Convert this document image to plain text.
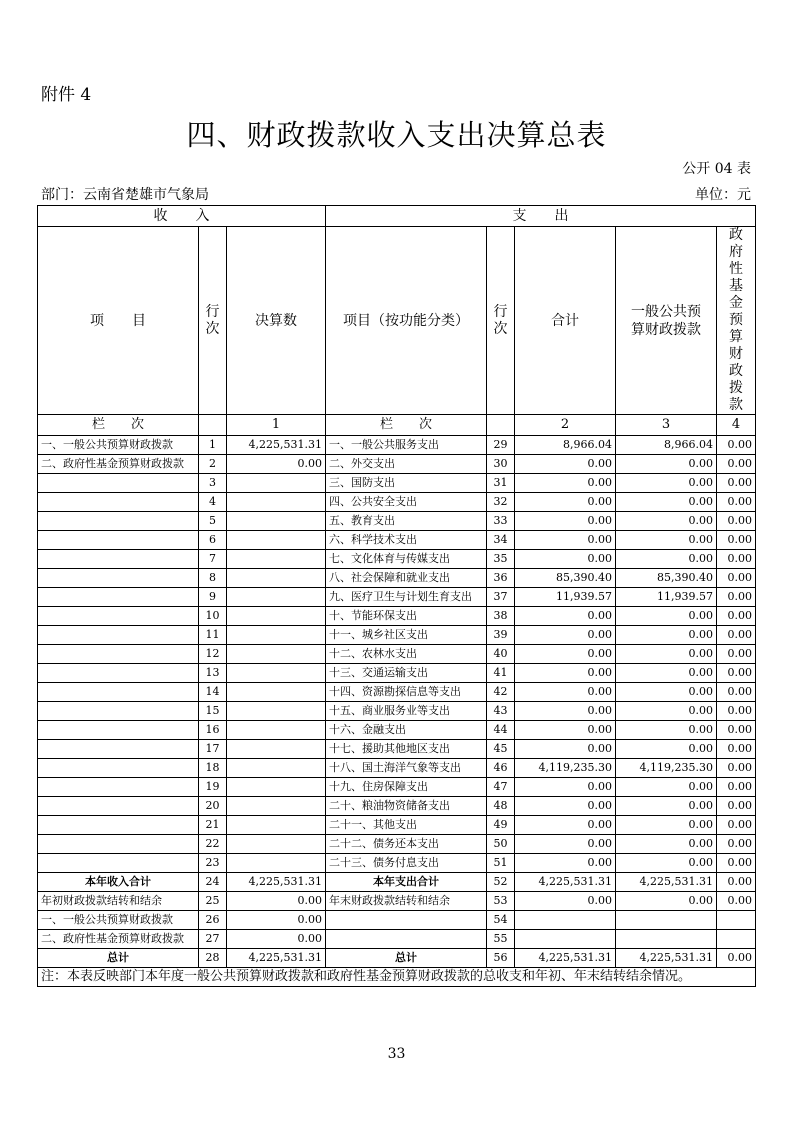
附件 4
四、财政拨款收入支出决算总表
公开 04 表
部门：云南省楚雄市气象局	单位：元
收　　入			支　　出				
项　　目	行次	决算数	项目（按功能分类）	行次	合计	一般公共预算财政拨款	政府性基金预算财政拨款

栏　　次		1	栏　　次		2	3	4
一、一般公共预算财政拨款	1	4,225,531.31	一、一般公共服务支出	29	8,966.04	8,966.04	0.00
二、政府性基金预算财政拨款	2	0.00	二、外交支出	30	0.00	0.00	0.00
	3		三、国防支出	31	0.00	0.00	0.00
	4		四、公共安全支出	32	0.00	0.00	0.00
	5		五、教育支出	33	0.00	0.00	0.00
	6		六、科学技术支出	34	0.00	0.00	0.00
	7		七、文化体育与传媒支出	35	0.00	0.00	0.00
	8		八、社会保障和就业支出	36	85,390.40	85,390.40	0.00
	9		九、医疗卫生与计划生育支出	37	11,939.57	11,939.57	0.00
	10		十、节能环保支出	38	0.00	0.00	0.00
	11		十一、城乡社区支出	39	0.00	0.00	0.00
	12		十二、农林水支出	40	0.00	0.00	0.00
	13		十三、交通运输支出	41	0.00	0.00	0.00
	14		十四、资源勘探信息等支出	42	0.00	0.00	0.00
	15		十五、商业服务业等支出	43	0.00	0.00	0.00
	16		十六、金融支出	44	0.00	0.00	0.00
	17		十七、援助其他地区支出	45	0.00	0.00	0.00
	18		十八、国土海洋气象等支出	46	4,119,235.30	4,119,235.30	0.00
	19		十九、住房保障支出	47	0.00	0.00	0.00
	20		二十、粮油物资储备支出	48	0.00	0.00	0.00
	21		二十一、其他支出	49	0.00	0.00	0.00
	22		二十二、债务还本支出	50	0.00	0.00	0.00
	23		二十三、债务付息支出	51	0.00	0.00	0.00
本年收入合计	24	4,225,531.31	本年支出合计	52	4,225,531.31	4,225,531.31	0.00
年初财政拨款结转和结余	25	0.00	年末财政拨款结转和结余	53	0.00	0.00	0.00
一、一般公共预算财政拨款	26	0.00		54			
二、政府性基金预算财政拨款	27	0.00		55			
总计	28	4,225,531.31	总计	56	4,225,531.31	4,225,531.31	0.00
注：本表反映部门本年度一般公共预算财政拨款和政府性基金预算财政拨款的总收支和年初、年末结转结余情况。							
33
